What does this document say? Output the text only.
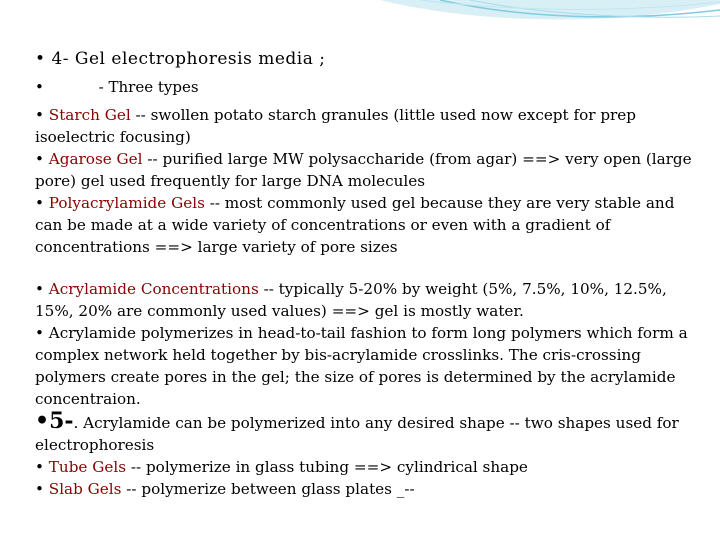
• 4- Gel electrophoresis media ;
•	- Three types
• Starch Gel -- swollen potato starch granules (little used now except for prep isoelectric focusing)
• Agarose Gel -- purified large MW polysaccharide (from agar) ==> very open (large pore) gel used frequently for large DNA molecules
• Polyacrylamide Gels -- most commonly used gel because they are very stable and can be made at a wide variety of concentrations or even with a gradient of concentrations ==> large variety of pore sizes
• Acrylamide Concentrations -- typically 5-20% by weight (5%, 7.5%, 10%, 12.5%, 15%, 20% are commonly used values) ==> gel is mostly water.
• Acrylamide polymerizes in head-to-tail fashion to form long polymers which form a complex network held together by bis-acrylamide crosslinks. The cris-crossing polymers create pores in the gel; the size of pores is determined by the acrylamide concentraion.
•5-. Acrylamide can be polymerized into any desired shape -- two shapes used for electrophoresis
• Tube Gels -- polymerize in glass tubing ==> cylindrical shape
• Slab Gels -- polymerize between glass plates _--
